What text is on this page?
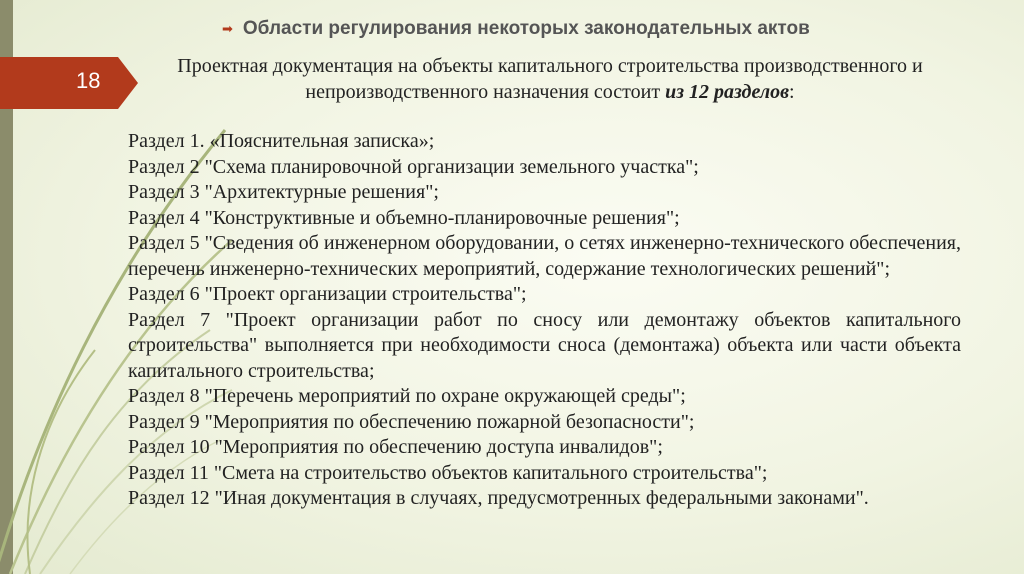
18
➡ Области регулирования некоторых законодательных актов
Проектная документация на объекты капитального строительства производственного и непроизводственного назначения состоит из 12 разделов:
Раздел 1. «Пояснительная записка»;
Раздел 2 "Схема планировочной организации земельного участка";
Раздел 3 "Архитектурные решения";
Раздел 4 "Конструктивные и объемно-планировочные решения";
Раздел 5 "Сведения об инженерном оборудовании, о сетях инженерно-технического обеспечения, перечень инженерно-технических мероприятий, содержание технологических решений";
Раздел 6 "Проект организации строительства";
Раздел 7 "Проект организации работ по сносу или демонтажу объектов капитального строительства" выполняется при необходимости сноса (демонтажа) объекта или части объекта капитального строительства;
Раздел 8 "Перечень мероприятий по охране окружающей среды";
Раздел 9 "Мероприятия по обеспечению пожарной безопасности";
Раздел 10 "Мероприятия по обеспечению доступа инвалидов";
Раздел 11 "Смета на строительство объектов капитального строительства";
Раздел 12 "Иная документация в случаях, предусмотренных федеральными законами".
